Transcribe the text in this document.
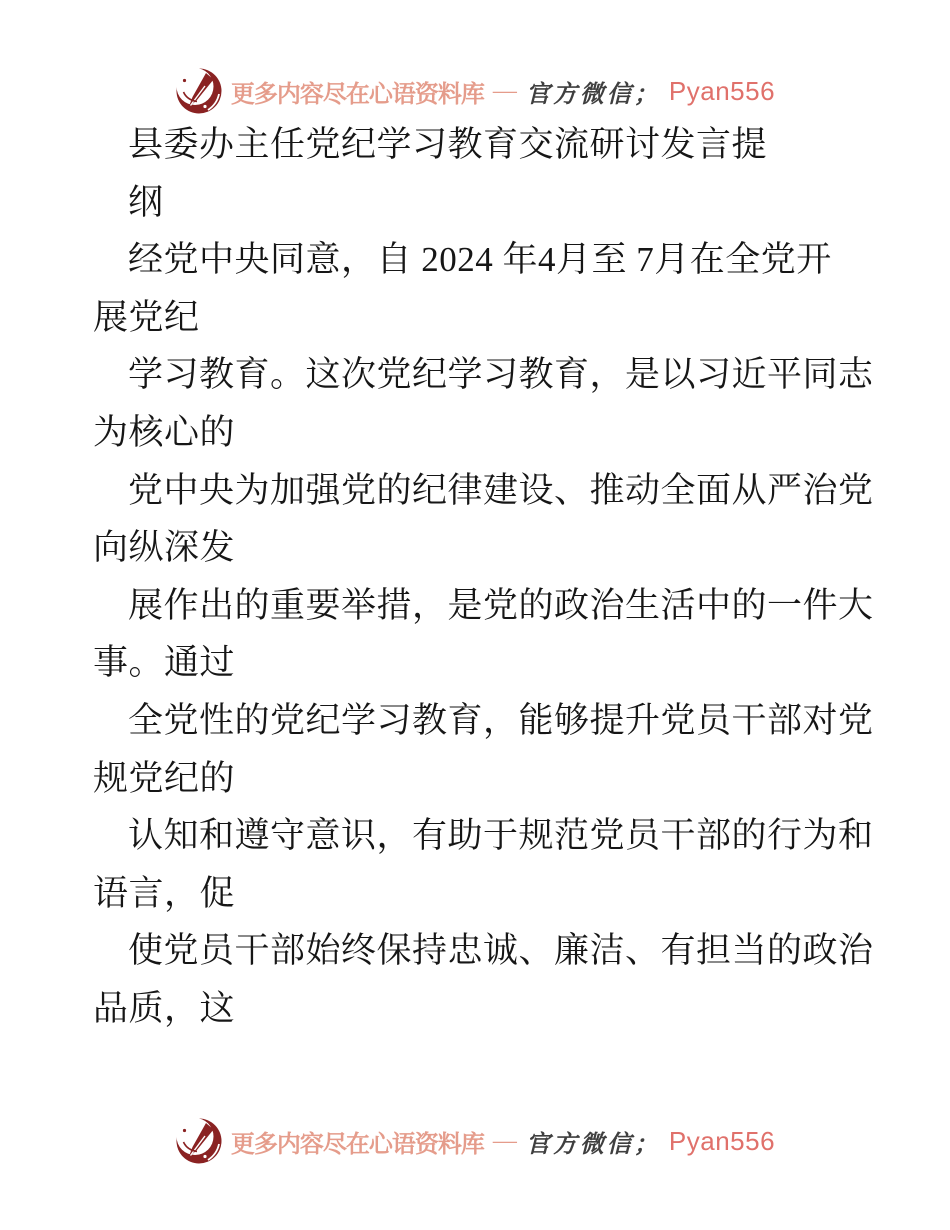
更多内容尽在心语资料库 — 官方微信； Pyan556
县委办主任党纪学习教育交流研讨发言提
纲
经党中央同意，自 2024 年4月至 7月在全党开
展党纪
学习教育。这次党纪学习教育，是以习近平同志
为核心的
党中央为加强党的纪律建设、推动全面从严治党
向纵深发
展作出的重要举措，是党的政治生活中的一件大
事。通过
全党性的党纪学习教育，能够提升党员干部对党
规党纪的
认知和遵守意识，有助于规范党员干部的行为和
语言，促
使党员干部始终保持忠诚、廉洁、有担当的政治
品质，这
更多内容尽在心语资料库 — 官方微信； Pyan556
